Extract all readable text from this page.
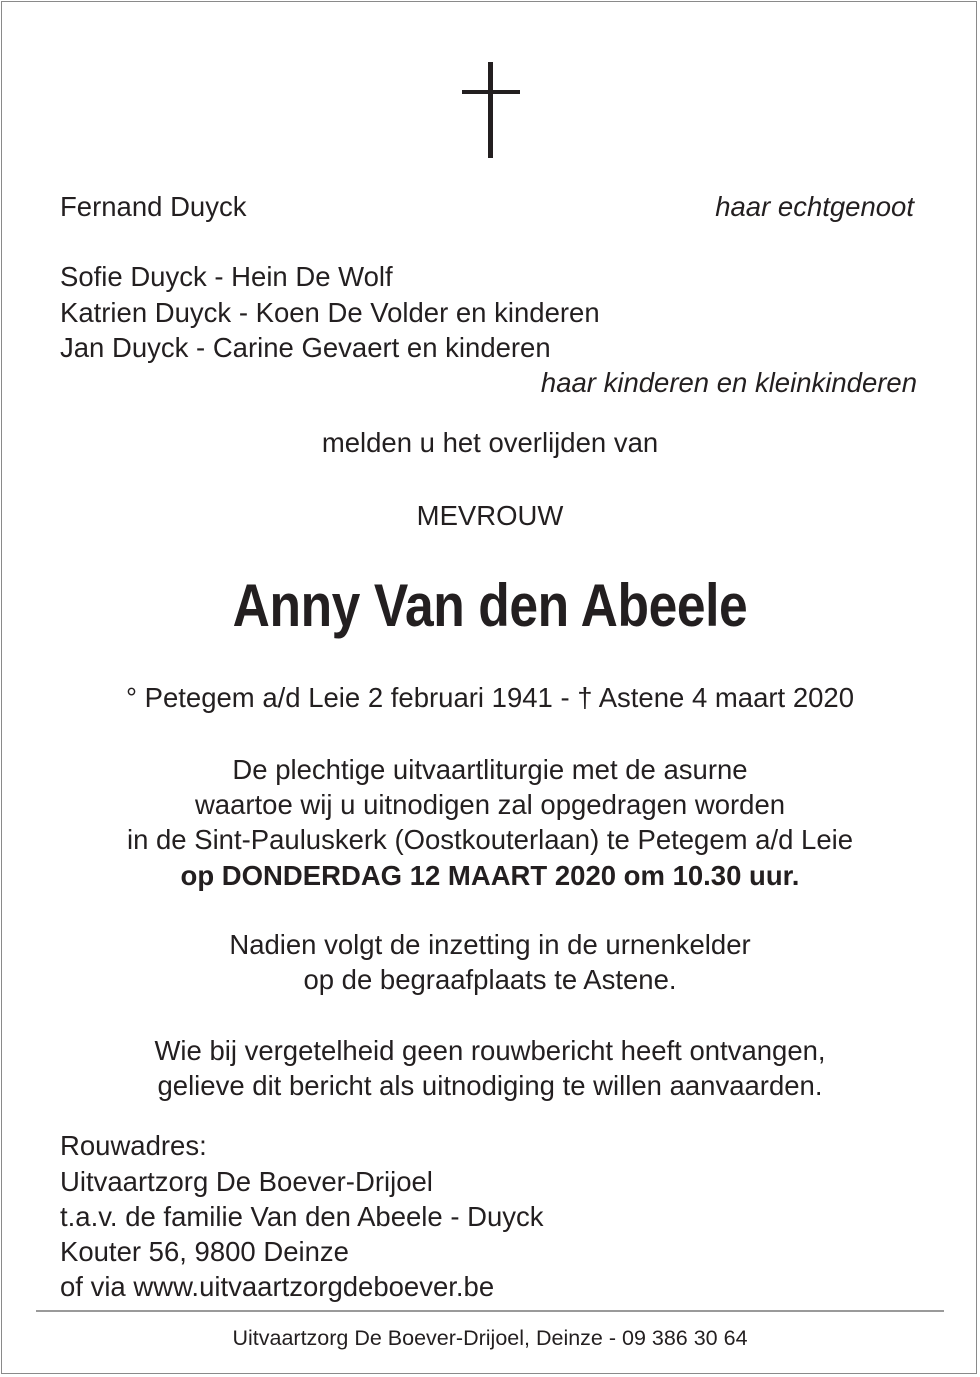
Fernand Duyck	haar echtgenoot
Sofie Duyck - Hein De Wolf
Katrien Duyck - Koen De Volder en kinderen
Jan Duyck - Carine Gevaert en kinderen
haar kinderen en kleinkinderen
melden u het overlijden van
MEVROUW
Anny Van den Abeele
° Petegem a/d Leie 2 februari 1941 - † Astene 4 maart 2020
De plechtige uitvaartliturgie met de asurne
waartoe wij u uitnodigen zal opgedragen worden
in de Sint-Pauluskerk (Oostkouterlaan) te Petegem a/d Leie
op DONDERDAG 12 MAART 2020 om 10.30 uur.
Nadien volgt de inzetting in de urnenkelder
op de begraafplaats te Astene.
Wie bij vergetelheid geen rouwbericht heeft ontvangen,
gelieve dit bericht als uitnodiging te willen aanvaarden.
Rouwadres:
Uitvaartzorg De Boever-Drijoel
t.a.v. de familie Van den Abeele - Duyck
Kouter 56, 9800 Deinze
of via www.uitvaartzorgdeboever.be
Uitvaartzorg De Boever-Drijoel, Deinze - 09 386 30 64
